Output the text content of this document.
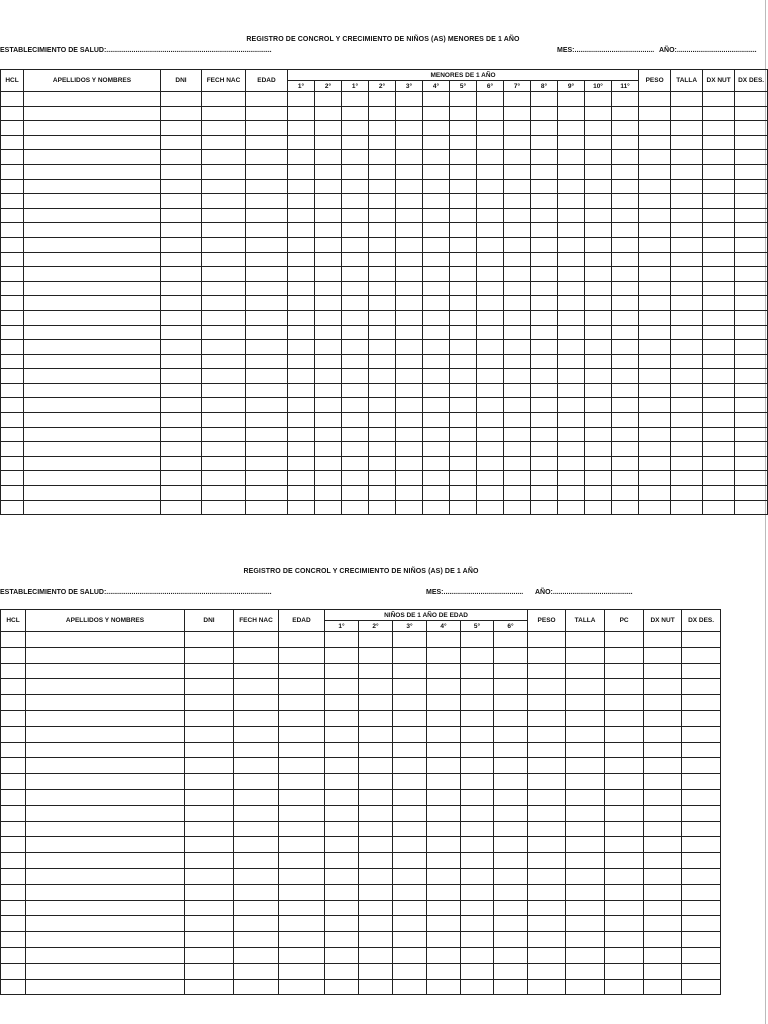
REGISTRO DE CONCROL Y CRECIMIENTO DE NIÑOS (AS) MENORES DE 1 AÑO
ESTABLECIMIENTO DE SALUD:.....................................................................................	MES:......................................... AÑO:.........................................
HCL	APELLIDOS Y NOMBRES	DNI	FECH NAC	EDAD	MENORES DE 1 AÑO													PESO	TALLA	DX NUT	DX DES.
					1°	2°	1°	2°	3°	4°	5°	6°	7°	8°	9°	10°	11°				

REGISTRO DE CONCROL Y CRECIMIENTO DE NIÑOS (AS) DE 1 AÑO
ESTABLECIMIENTO DE SALUD:.....................................................................................	MES:......................................... AÑO:.........................................
HCL	APELLIDOS Y NOMBRES	DNI	FECH NAC	EDAD	NIÑOS DE 1 AÑO DE EDAD						PESO	TALLA	PC	DX NUT	DX DES.
					1°	2°	3°	4°	5°	6°					
